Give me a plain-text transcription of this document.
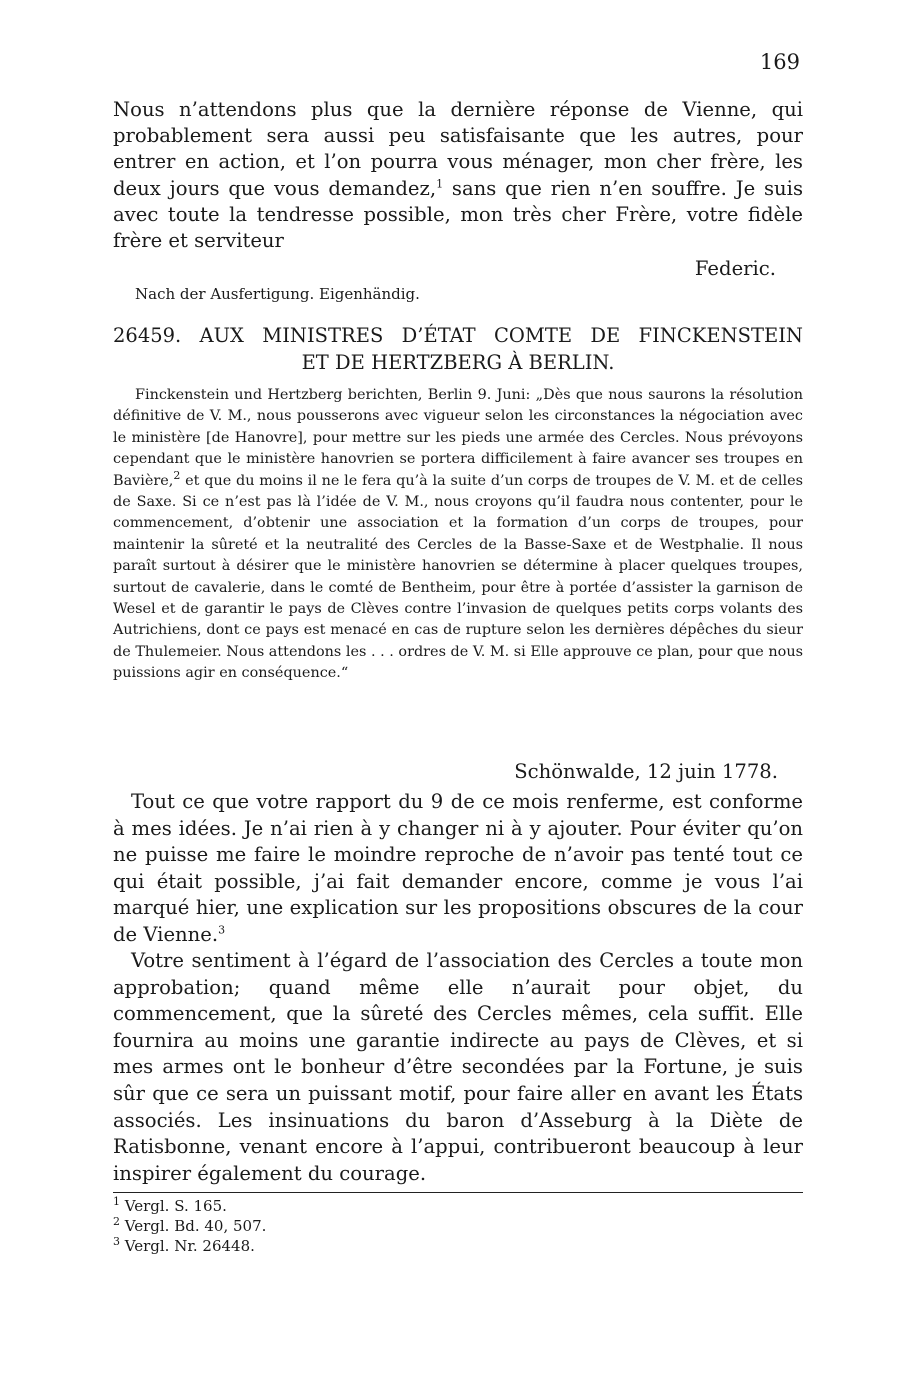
169

Nous n’attendons plus que la dernière réponse de Vienne, qui probablement sera aussi peu satisfaisante que les autres, pour entrer en action, et l’on pourra vous ménager, mon cher frère, les deux jours que vous demandez,$^1$ sans que rien n’en souffre. Je suis avec toute la tendresse possible, mon très cher Frère, votre fidèle frère et serviteur

Federic.
Nach der Ausfertigung. Eigenhändig.
26459. AUX MINISTRES D’ÉTAT COMTE DE FINCKENSTEIN
ET DE HERTZBERG À BERLIN.

Finckenstein und Hertzberg berichten, Berlin 9. Juni: „Dès que nous saurons la résolution définitive de V. M., nous pousserons avec vigueur selon les circonstances la négociation avec le ministère [de Hanovre], pour mettre sur les pieds une armée des Cercles. Nous prévoyons cependant que le ministère hanovrien se portera difficilement à faire avancer ses troupes en Bavière,$^2$ et que du moins il ne le fera qu’à la suite d’un corps de troupes de V. M. et de celles de Saxe. Si ce n’est pas là l’idée de V. M., nous croyons qu’il faudra nous contenter, pour le commencement, d’obtenir une association et la formation d’un corps de troupes, pour maintenir la sûreté et la neutralité des Cercles de la Basse-Saxe et de Westphalie. Il nous paraît surtout à désirer que le ministère hanovrien se détermine à placer quelques troupes, surtout de cavalerie, dans le comté de Bentheim, pour être à portée d’assister la garnison de Wesel et de garantir le pays de Clèves contre l’invasion de quelques petits corps volants des Autrichiens, dont ce pays est menacé en cas de rupture selon les dernières dépêches du sieur de Thulemeier. Nous attendons les . . . ordres de V. M. si Elle approuve ce plan, pour que nous puissions agir en conséquence.“

Schönwalde, 12 juin 1778.

Tout ce que votre rapport du 9 de ce mois renferme, est conforme à mes idées. Je n’ai rien à y changer ni à y ajouter. Pour éviter qu’on ne puisse me faire le moindre reproche de n’avoir pas tenté tout ce qui était possible, j’ai fait demander encore, comme je vous l’ai marqué hier, une explication sur les propositions obscures de la cour de Vienne.$^3$

Votre sentiment à l’égard de l’association des Cercles a toute mon approbation; quand même elle n’aurait pour objet, du commencement, que la sûreté des Cercles mêmes, cela suffit. Elle fournira au moins une garantie indirecte au pays de Clèves, et si mes armes ont le bonheur d’être secondées par la Fortune, je suis sûr que ce sera un puissant motif, pour faire aller en avant les États associés. Les insinuations du baron d’Asseburg à la Diète de Ratisbonne, venant encore à l’appui, contribueront beaucoup à leur inspirer également du courage.

$^1$ Vergl. S. 165.
$^2$ Vergl. Bd. 40, 507.
$^3$ Vergl. Nr. 26448.
